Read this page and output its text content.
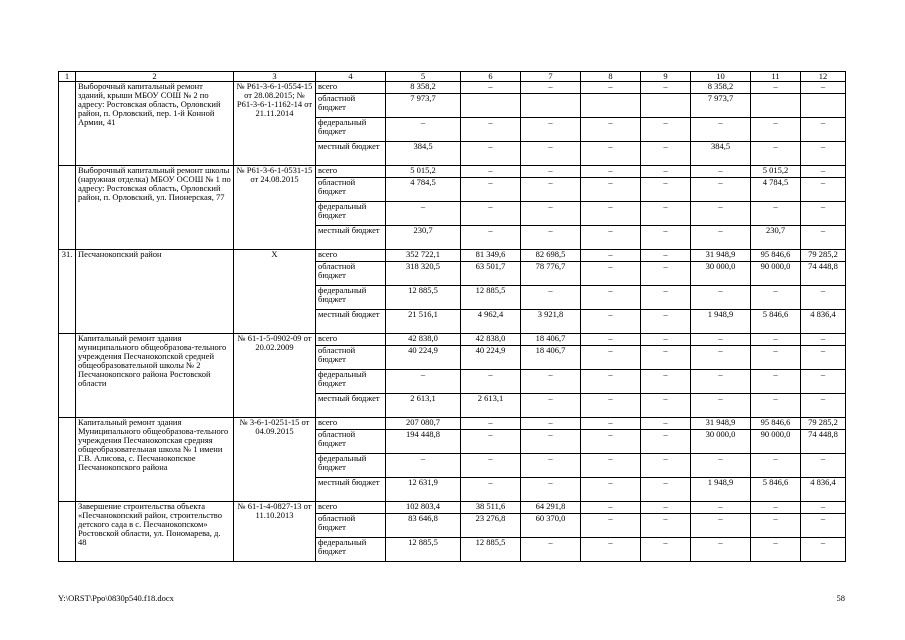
1	2	3	4	5	6	7	8	9	10	11	12
	Выборочный капитальный ремонт зданий, крыши МБОУ СОШ № 2 по адресу: Ростовская область, Орловский район, п. Орловский, пер. 1-й Конной Армии, 41	№ Р61-3-6-1-0554-15 от 28.08.2015; № Р61-3-6-1-1162-14 от 21.11.2014	всего	8 358,2	–	–	–	–	8 358,2	–	–
			областной бюджет	7 973,7					7 973,7		
			федеральный бюджет	–	–	–	–	–	–	–	–
			местный бюджет	384,5	–	–	–	–	384,5	–	–
	Выборочный капитальный ремонт школы (наружная отделка) МБОУ ОСОШ № 1 по адресу: Ростовская область, Орловский район, п. Орловский, ул. Пионерская, 77	№ Р61-3-6-1-0531-15 от 24.08.2015	всего	5 015,2	–	–	–	–	–	5 015,2	–
			областной бюджет	4 784,5	–	–	–	–	–	4 784,5	–
			федеральный бюджет	–	–	–	–	–	–	–	–
			местный бюджет	230,7	–	–	–	–	–	230,7	–
31.	Песчанокопский район	Х	всего	352 722,1	81 349,6	82 698,5	–	–	31 948,9	95 846,6	79 285,2
			областной бюджет	318 320,5	63 501,7	78 776,7	–	–	30 000,0	90 000,0	74 448,8
			федеральный бюджет	12 885,5	12 885,5	–	–	–	–	–	–
			местный бюджет	21 516,1	4 962,4	3 921,8	–	–	1 948,9	5 846,6	4 836,4
	Капитальный ремонт здания муниципального общеобразова-тельного учреждения Песчанокопской средней общеобразовательной школы № 2 Песчанокопского района Ростовской области	№ 61-1-5-0902-09 от 20.02.2009	всего	42 838,0	42 838,0	18 406,7	–	–	–	–	–
			областной бюджет	40 224,9	40 224,9	18 406,7	–	–	–	–	–
			федеральный бюджет	–	–	–	–	–	–	–	–
			местный бюджет	2 613,1	2 613,1	–	–	–	–	–	–
	Капитальный ремонт здания Муниципального общеобразова-тельного учреждения Песчанокопская средняя общеобразовательная школа № 1 имени Г.В. Алисова, с. Песчанокопское Песчанокопского района	№ 3-6-1-0251-15 от 04.09.2015	всего	207 080,7	–	–	–	–	31 948,9	95 846,6	79 285,2
			областной бюджет	194 448,8	–	–	–	–	30 000,0	90 000,0	74 448,8
			федеральный бюджет	–	–	–	–	–	–	–	–
			местный бюджет	12 631,9	–	–	–	–	1 948,9	5 846,6	4 836,4
	Завершение строительства объекта «Песчанокопский район, строительство детского сада в с. Песчанокопском» Ростовской области, ул. Пономарева, д. 48	№ 61-1-4-0827-13 от 11.10.2013	всего	102 803,4	38 511,6	64 291,8	–	–	–	–	–
			областной бюджет	83 646,8	23 276,8	60 370,0	–	–	–	–	–
			федеральный бюджет	12 885,5	12 885,5	–	–	–	–	–	–
Y:\ORST\Ppo\0830p540.f18.docx	58
